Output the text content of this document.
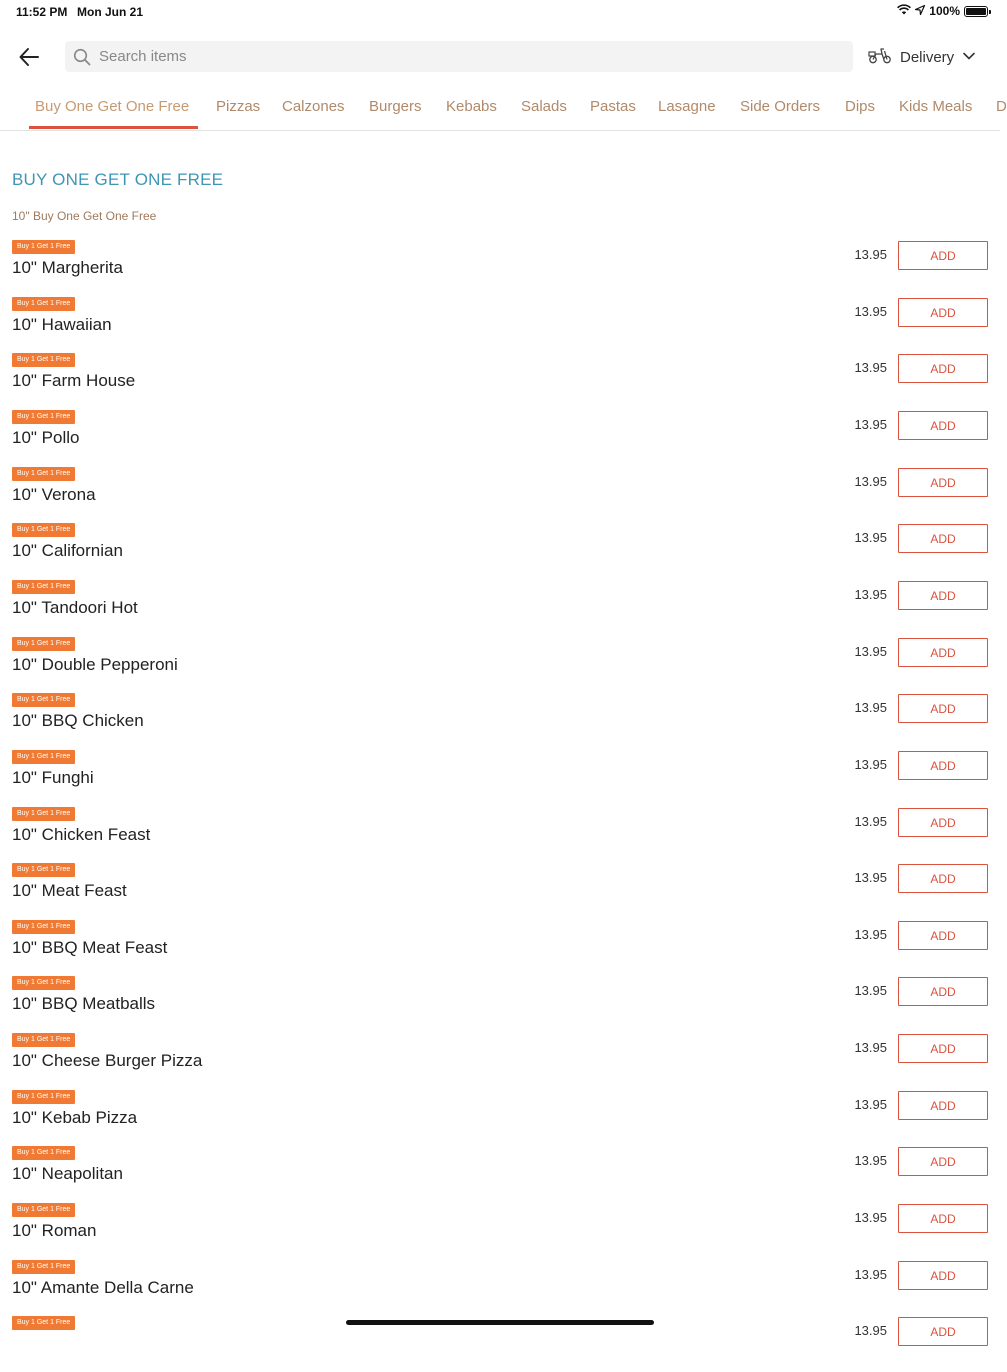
11:52 PM Mon Jun 21	100%
Search items
Delivery
Buy One Get One Free Pizzas Calzones Burgers Kebabs Salads Pastas Lasagne Side Orders Dips Kids Meals D
BUY ONE GET ONE FREE
10" Buy One Get One Free
Buy 1 Get 1 Free
10" Margherita
13.95	ADD
Buy 1 Get 1 Free
10" Hawaiian
13.95	ADD
Buy 1 Get 1 Free
10" Farm House
13.95	ADD
Buy 1 Get 1 Free
10" Pollo
13.95	ADD
Buy 1 Get 1 Free
10" Verona
13.95	ADD
Buy 1 Get 1 Free
10" Californian
13.95	ADD
Buy 1 Get 1 Free
10" Tandoori Hot
13.95	ADD
Buy 1 Get 1 Free
10" Double Pepperoni
13.95	ADD
Buy 1 Get 1 Free
10" BBQ Chicken
13.95	ADD
Buy 1 Get 1 Free
10" Funghi
13.95	ADD
Buy 1 Get 1 Free
10" Chicken Feast
13.95	ADD
Buy 1 Get 1 Free
10" Meat Feast
13.95	ADD
Buy 1 Get 1 Free
10" BBQ Meat Feast
13.95	ADD
Buy 1 Get 1 Free
10" BBQ Meatballs
13.95	ADD
Buy 1 Get 1 Free
10" Cheese Burger Pizza
13.95	ADD
Buy 1 Get 1 Free
10" Kebab Pizza
13.95	ADD
Buy 1 Get 1 Free
10" Neapolitan
13.95	ADD
Buy 1 Get 1 Free
10" Roman
13.95	ADD
Buy 1 Get 1 Free
10" Amante Della Carne
13.95	ADD
Buy 1 Get 1 Free
13.95	ADD
